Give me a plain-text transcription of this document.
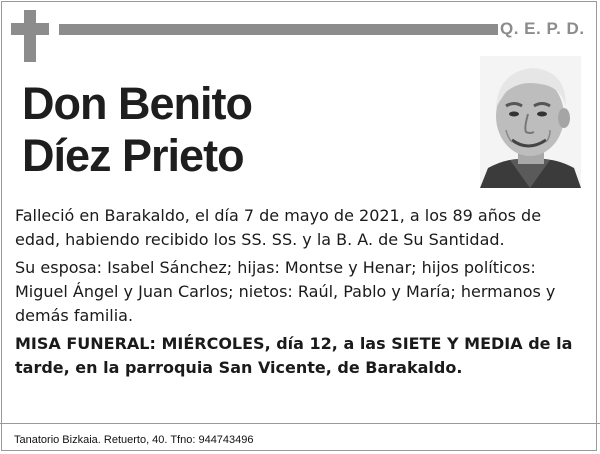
Q. E. P. D.
Don Benito
Díez Prieto

Falleció en Barakaldo, el día 7 de mayo de 2021, a los 89 años de edad, habiendo recibido los SS. SS. y la B. A. de Su Santidad.

Su esposa: Isabel Sánchez; hijas: Montse y Henar; hijos políticos: Miguel Ángel y Juan Carlos; nietos: Raúl, Pablo y María; hermanos y demás familia.

MISA FUNERAL: MIÉRCOLES, día 12, a las SIETE Y MEDIA de la tarde, en la parroquia San Vicente, de Barakaldo.

Tanatorio Bizkaia. Retuerto, 40. Tfno: 944743496
